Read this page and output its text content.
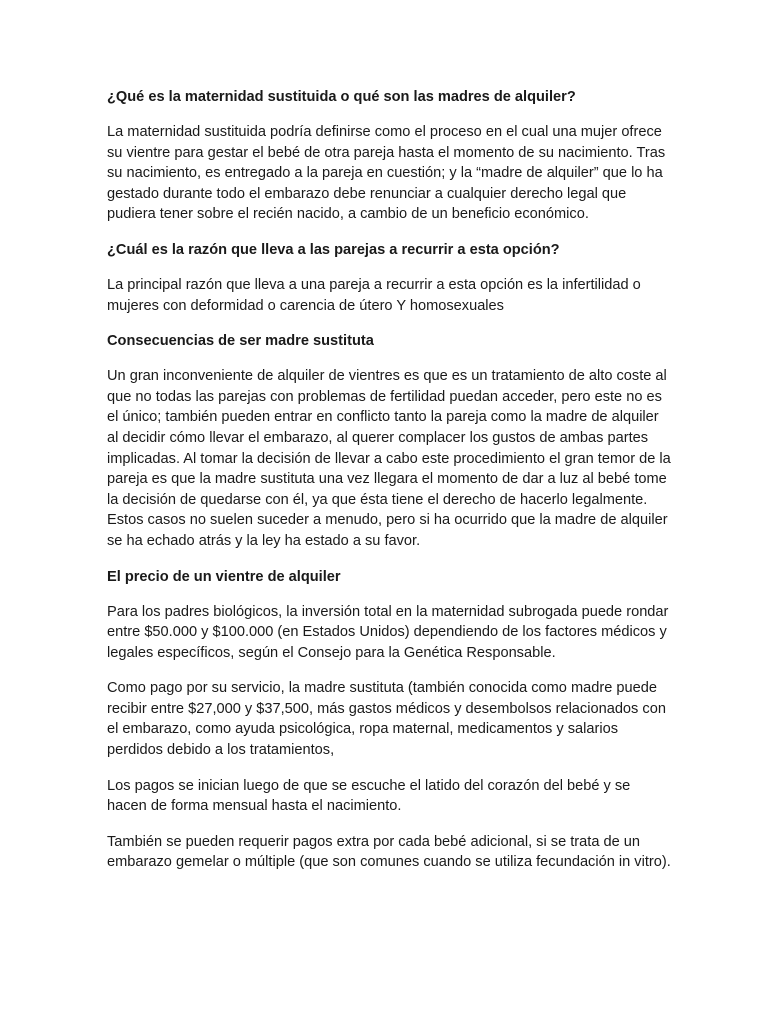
¿Qué es la maternidad sustituida o qué son las madres de alquiler?

La maternidad sustituida podría definirse como el proceso en el cual una mujer ofrece su vientre para gestar el bebé de otra pareja hasta el momento de su nacimiento. Tras su nacimiento, es entregado a la pareja en cuestión; y la “madre de alquiler” que lo ha gestado durante todo el embarazo debe renunciar a cualquier derecho legal que pudiera tener sobre el recién nacido, a cambio de un beneficio económico.

¿Cuál es la razón que lleva a las parejas a recurrir a esta opción?

La principal razón que lleva a una pareja a recurrir a esta opción es la infertilidad o mujeres con deformidad o carencia de útero Y homosexuales

Consecuencias de ser madre sustituta

Un gran inconveniente de alquiler de vientres es que es un tratamiento de alto coste al que no todas las parejas con problemas de fertilidad puedan acceder, pero este no es el único; también pueden entrar en conflicto tanto la pareja como la madre de alquiler al decidir cómo llevar el embarazo, al querer complacer los gustos de ambas partes implicadas. Al tomar la decisión de llevar a cabo este procedimiento el gran temor de la pareja es que la madre sustituta una vez llegara el momento de dar a luz al bebé tome la decisión de quedarse con él, ya que ésta tiene el derecho de hacerlo legalmente. Estos casos no suelen suceder a menudo, pero si ha ocurrido que la madre de alquiler se ha echado atrás y la ley ha estado a su favor.

El precio de un vientre de alquiler

Para los padres biológicos, la inversión total en la maternidad subrogada puede rondar entre $50.000 y $100.000 (en Estados Unidos) dependiendo de los factores médicos y legales específicos, según el Consejo para la Genética Responsable.

Como pago por su servicio, la madre sustituta (también conocida como madre puede recibir entre $27,000 y $37,500, más gastos médicos y desembolsos relacionados con el embarazo, como ayuda psicológica, ropa maternal, medicamentos y salarios perdidos debido a los tratamientos,

Los pagos se inician luego de que se escuche el latido del corazón del bebé y se hacen de forma mensual hasta el nacimiento.

También se pueden requerir pagos extra por cada bebé adicional, si se trata de un embarazo gemelar o múltiple (que son comunes cuando se utiliza fecundación in vitro).
